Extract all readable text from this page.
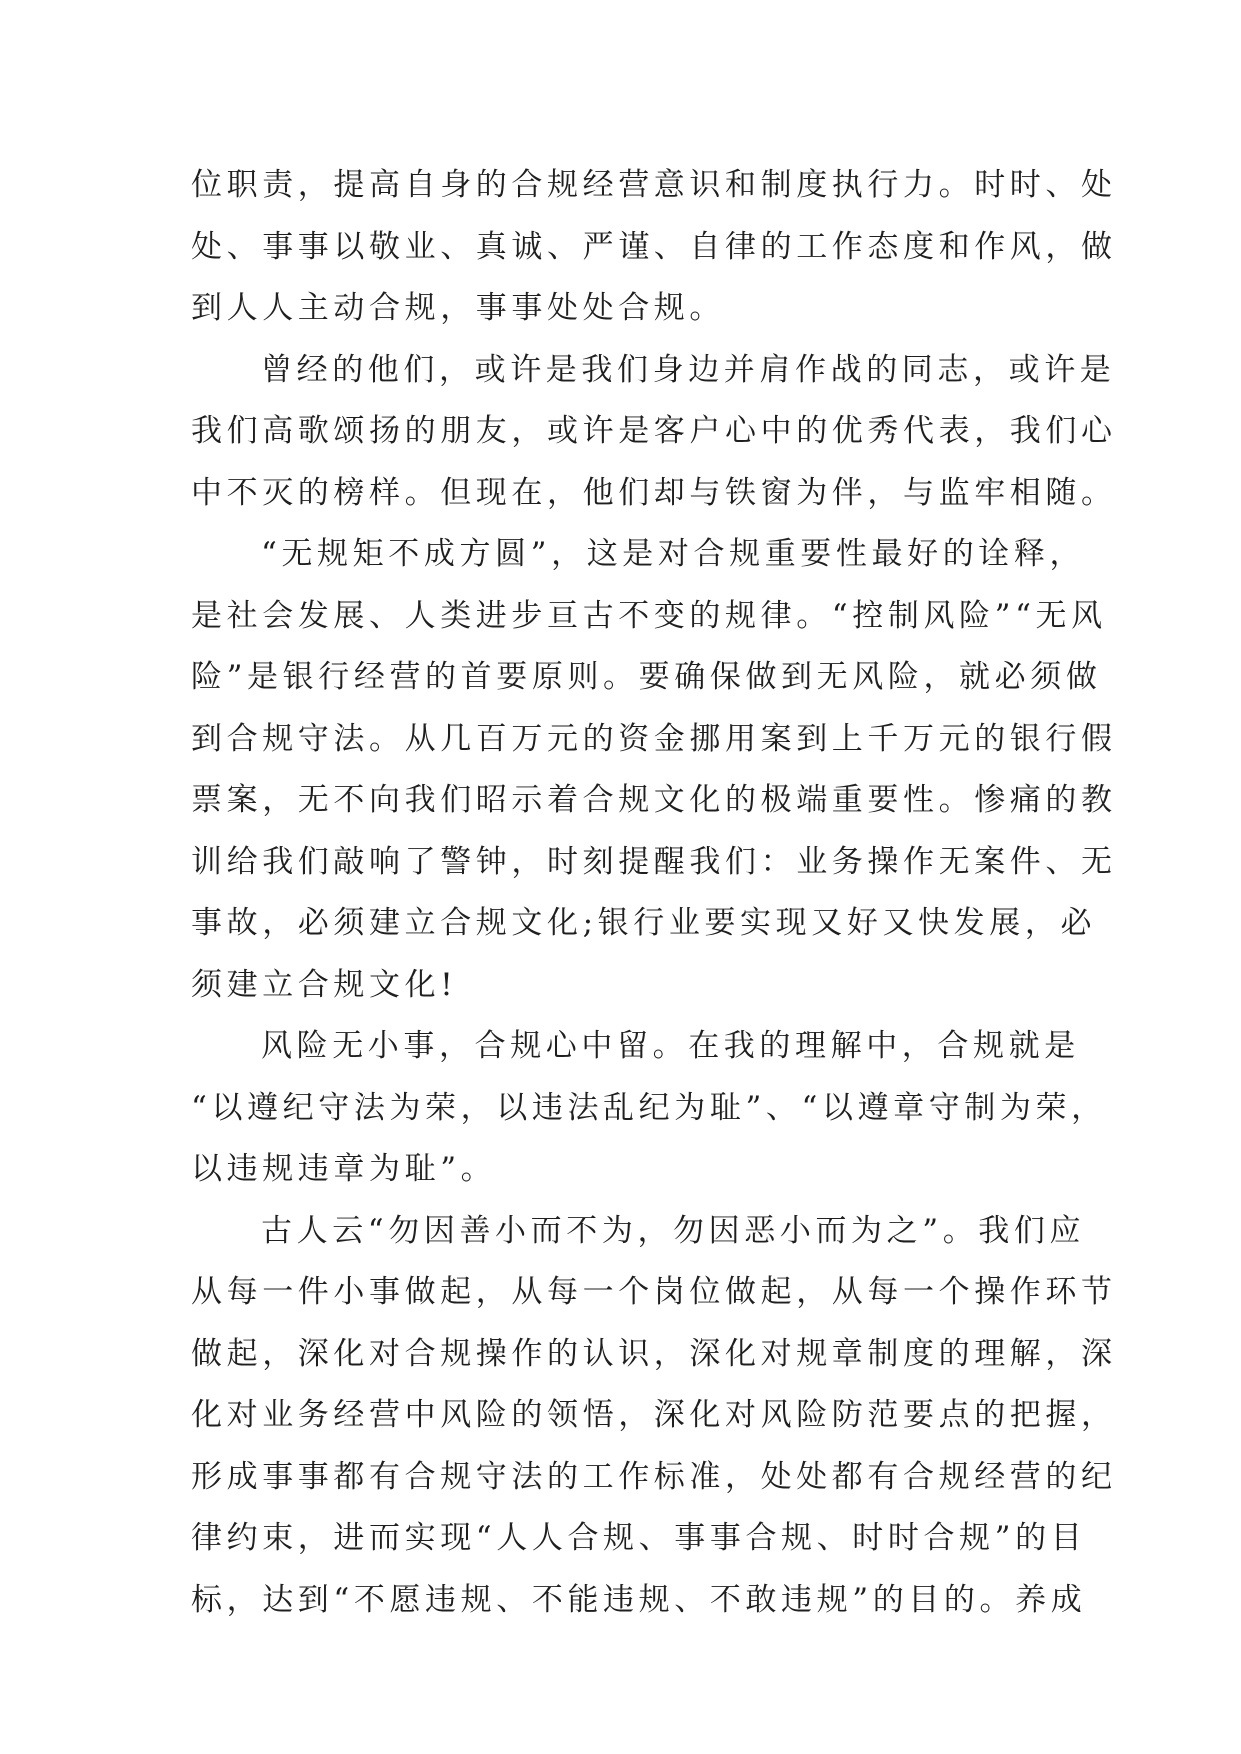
位职责，提高自身的合规经营意识和制度执行力。时时、处
处、事事以敬业、真诚、严谨、自律的工作态度和作风，做
到人人主动合规，事事处处合规。
曾经的他们，或许是我们身边并肩作战的同志，或许是
我们高歌颂扬的朋友，或许是客户心中的优秀代表，我们心
中不灭的榜样。但现在，他们却与铁窗为伴，与监牢相随。
“无规矩不成方圆”，这是对合规重要性最好的诠释，
是社会发展、人类进步亘古不变的规律。“控制风险”“无风
险”是银行经营的首要原则。要确保做到无风险，就必须做
到合规守法。从几百万元的资金挪用案到上千万元的银行假
票案，无不向我们昭示着合规文化的极端重要性。惨痛的教
训给我们敲响了警钟，时刻提醒我们：业务操作无案件、无
事故，必须建立合规文化;银行业要实现又好又快发展，必
须建立合规文化!
风险无小事，合规心中留。在我的理解中，合规就是
“以遵纪守法为荣，以违法乱纪为耻”、“以遵章守制为荣，
以违规违章为耻”。
古人云“勿因善小而不为，勿因恶小而为之”。我们应
从每一件小事做起，从每一个岗位做起，从每一个操作环节
做起，深化对合规操作的认识，深化对规章制度的理解，深
化对业务经营中风险的领悟，深化对风险防范要点的把握，
形成事事都有合规守法的工作标准，处处都有合规经营的纪
律约束，进而实现“人人合规、事事合规、时时合规”的目
标，达到“不愿违规、不能违规、不敢违规”的目的。养成
